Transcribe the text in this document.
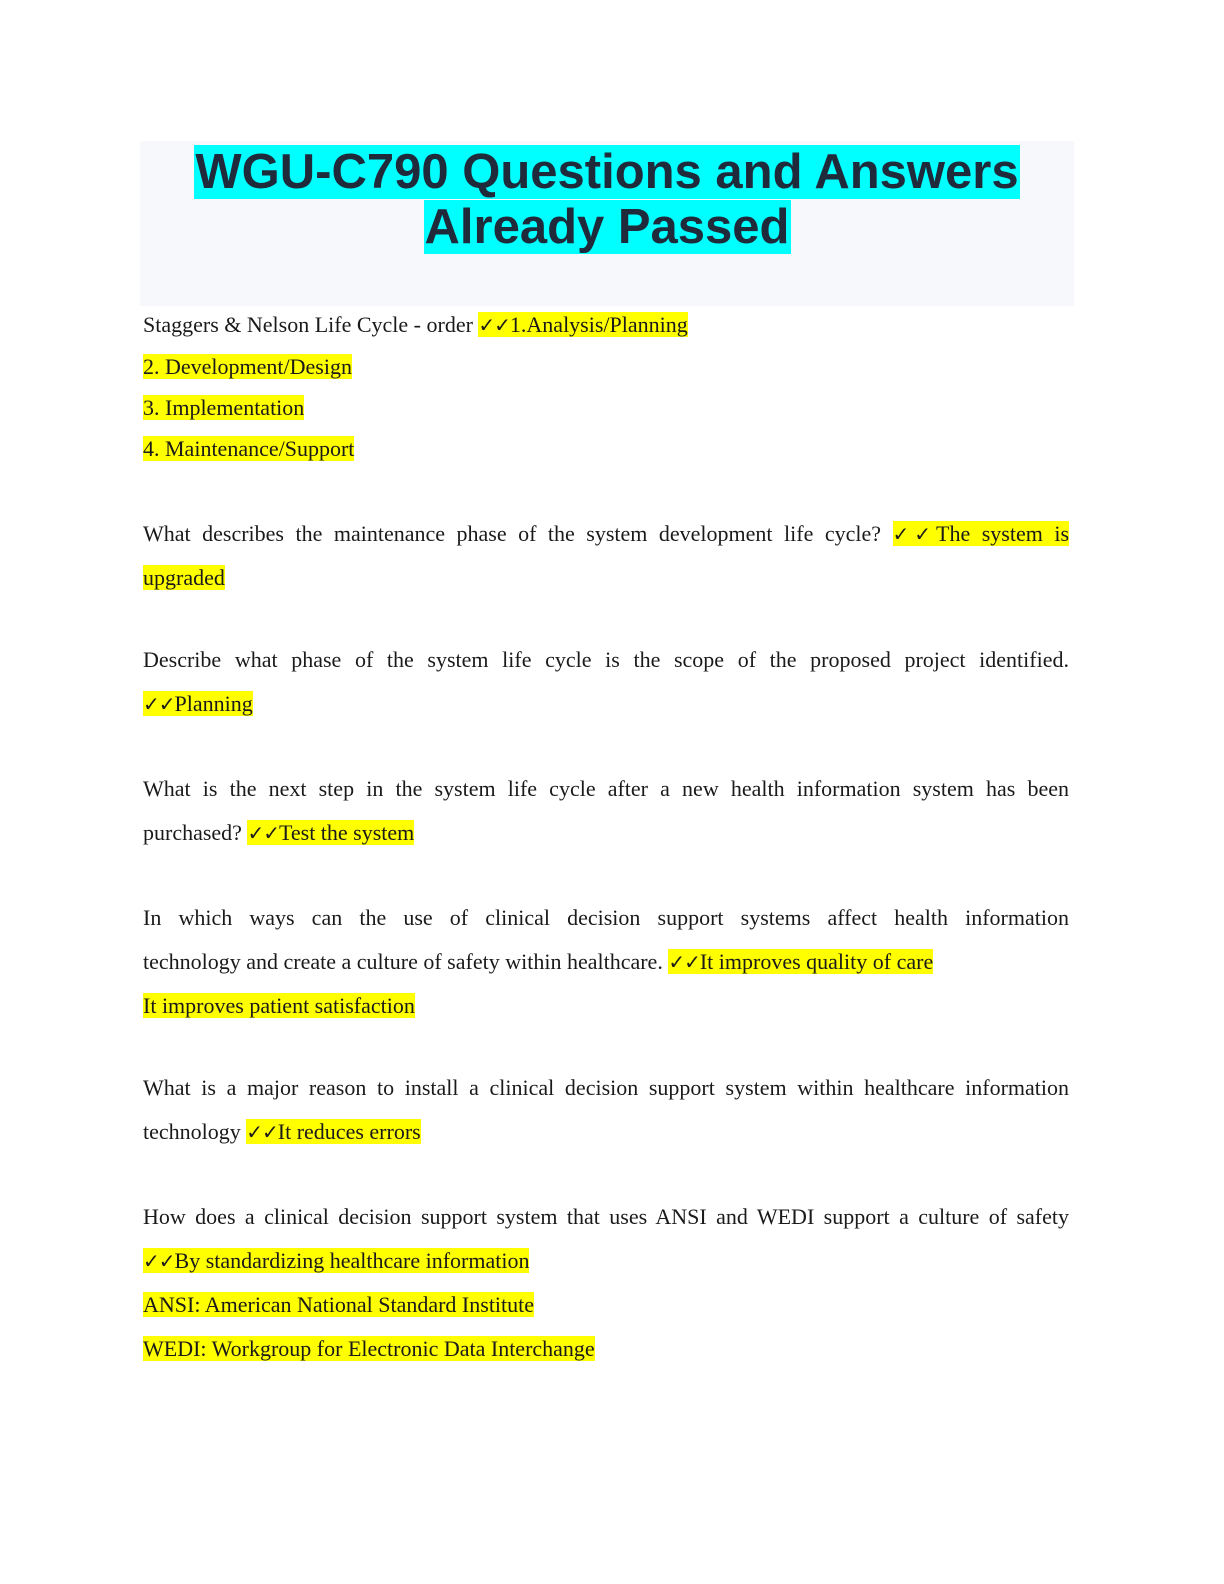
WGU-C790 Questions and Answers
Already Passed
Staggers & Nelson Life Cycle - order ✓✓1.Analysis/Planning
2. Development/Design
3. Implementation
4. Maintenance/Support

What describes the maintenance phase of the system development life cycle? ✓✓The system is

upgraded

Describe what phase of the system life cycle is the scope of the proposed project identified.

✓✓Planning

What is the next step in the system life cycle after a new health information system has been

purchased? ✓✓Test the system

In which ways can the use of clinical decision support systems affect health information

technology and create a culture of safety within healthcare. ✓✓It improves quality of care

It improves patient satisfaction

What is a major reason to install a clinical decision support system within healthcare information

technology ✓✓It reduces errors

How does a clinical decision support system that uses ANSI and WEDI support a culture of safety

✓✓By standardizing healthcare information

ANSI: American National Standard Institute

WEDI: Workgroup for Electronic Data Interchange
